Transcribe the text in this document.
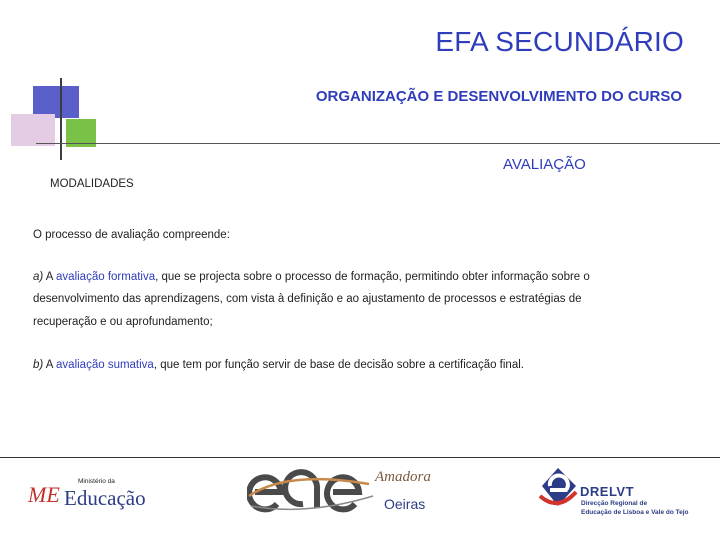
EFA SECUNDÁRIO
ORGANIZAÇÃO E DESENVOLVIMENTO DO CURSO
AVALIAÇÃO
MODALIDADES
O processo de avaliação compreende:
a) A avaliação formativa, que se projecta sobre o processo de formação, permitindo obter informação sobre o
desenvolvimento das aprendizagens, com vista à definição e ao ajustamento de processos e estratégias de
recuperação e ou aprofundamento;
b) A avaliação sumativa, que tem por função servir de base de decisão sobre a certificação final.
ME
Ministério da
Educação
Amadora
Oeiras
DRELVT
Direcção Regional de
Educação de Lisboa e Vale do Tejo
